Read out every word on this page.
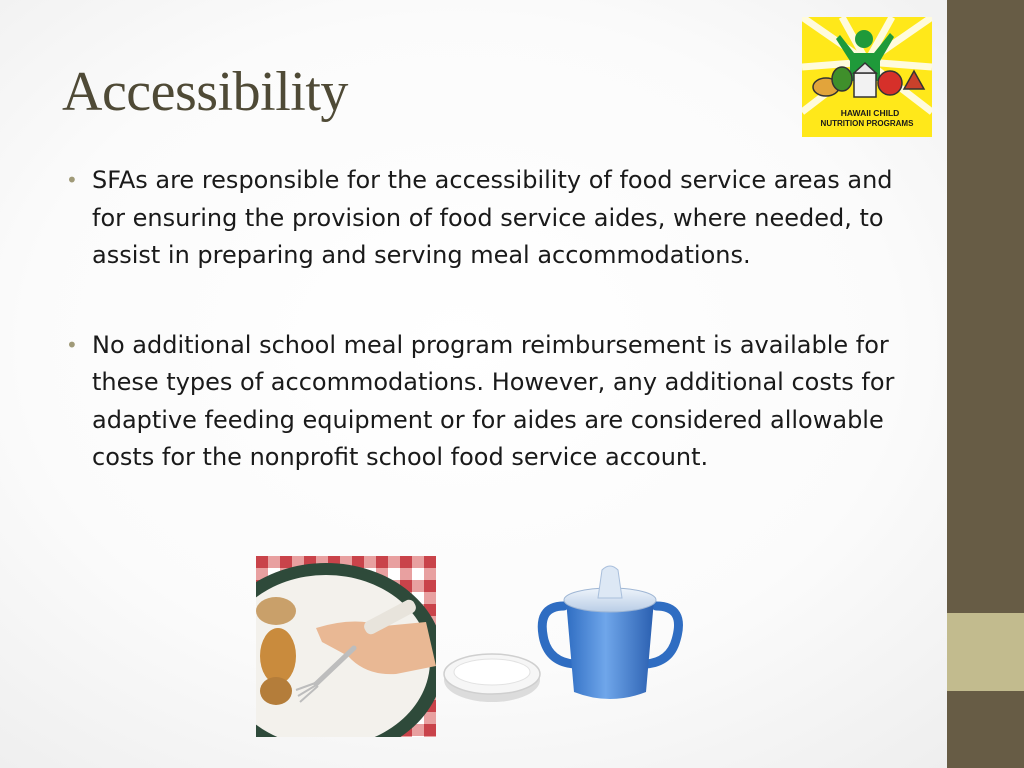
Accessibility	HAWAII CHILD
NUTRITION PROGRAMS
• SFAs are responsible for the accessibility of food service areas and for ensuring the provision of food service aides, where needed, to assist in preparing and serving meal accommodations.
• No additional school meal program reimbursement is available for these types of accommodations. However, any additional costs for adaptive feeding equipment or for aides are considered allowable costs for the nonprofit school food service account.
